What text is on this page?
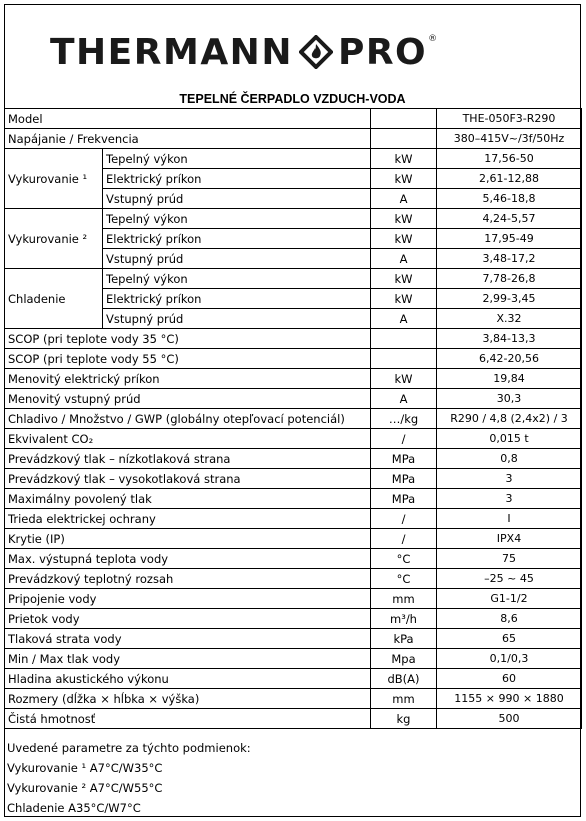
THERMANN PRO ®
TEPELNÉ ČERPADLO VZDUCH-VODA
Model			THE-050F3-R290
Napájanie / Frekvencia			380–415V~/3f/50Hz
Vykurovanie ¹	Tepelný výkon	kW	17,56-50
	Elektrický príkon	kW	2,61-12,88
	Vstupný prúd	A	5,46-18,8
Vykurovanie ²	Tepelný výkon	kW	4,24-5,57
	Elektrický príkon	kW	17,95-49
	Vstupný prúd	A	3,48-17,2
Chladenie	Tepelný výkon	kW	7,78-26,8
	Elektrický príkon	kW	2,99-3,45
	Vstupný prúd	A	X.32
SCOP (pri teplote vody 35 °C)			3,84-13,3
SCOP (pri teplote vody 55 °C)			6,42-20,56
Menovitý elektrický príkon		kW	19,84
Menovitý vstupný prúd		A	30,3
Chladivo / Množstvo / GWP (globálny otepľovací potenciál)		…/kg	R290 / 4,8 (2,4x2) / 3
Ekvivalent CO₂		/	0,015 t
Prevádzkový tlak – nízkotlaková strana		MPa	0,8
Prevádzkový tlak – vysokotlaková strana		MPa	3
Maximálny povolený tlak		MPa	3
Trieda elektrickej ochrany		/	I
Krytie (IP)		/	IPX4
Max. výstupná teplota vody		°C	75
Prevádzkový teplotný rozsah		°C	–25 ~ 45
Pripojenie vody		mm	G1-1/2
Prietok vody		m³/h	8,6
Tlaková strata vody		kPa	65
Min / Max tlak vody		Mpa	0,1/0,3
Hladina akustického výkonu		dB(A)	60
Rozmery (dĺžka × hĺbka × výška)		mm	1155 × 990 × 1880
Čistá hmotnosť		kg	500
Uvedené parametre za týchto podmienok:
Vykurovanie ¹ A7°C/W35°C
Vykurovanie ² A7°C/W55°C
Chladenie A35°C/W7°C
